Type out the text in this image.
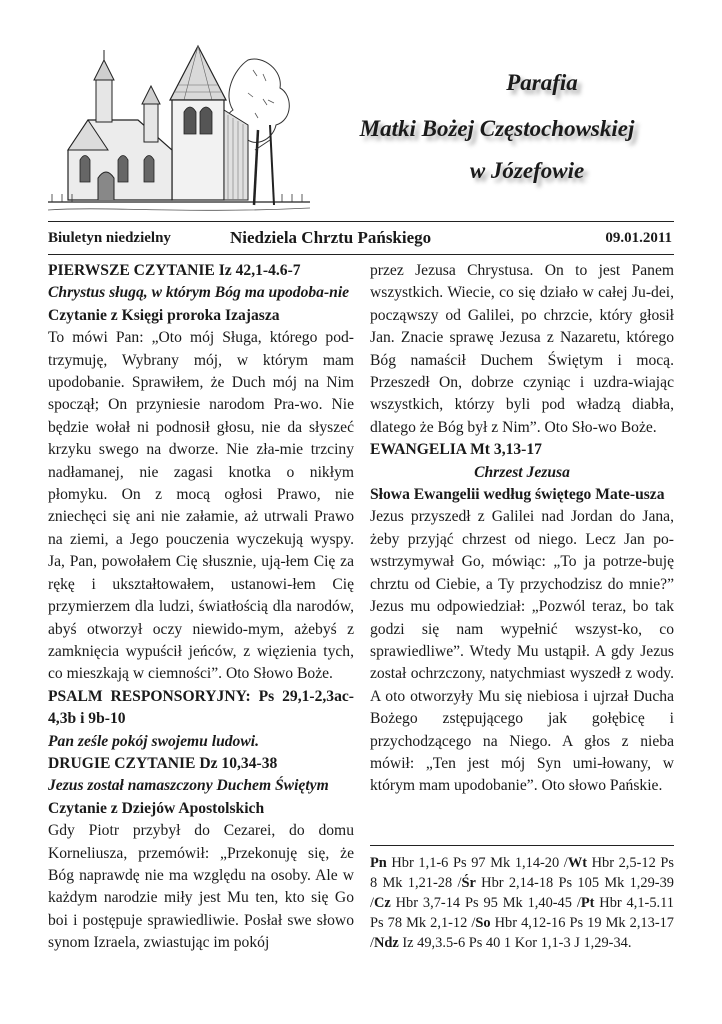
Parafia
Matki Bożej Częstochowskiej
w Józefowie
Biuletyn niedzielny	Niedziela Chrztu Pańskiego	09.01.2011

PIERWSZE CZYTANIE Iz 42,1-4.6-7

Chrystus sługą, w którym Bóg ma upodoba-nie

Czytanie z Księgi proroka Izajasza

To mówi Pan: „Oto mój Sługa, którego pod-trzymuję, Wybrany mój, w którym mam upodobanie. Sprawiłem, że Duch mój na Nim spoczął; On przyniesie narodom Pra-wo. Nie będzie wołał ni podnosił głosu, nie da słyszeć krzyku swego na dworze. Nie zła-mie trzciny nadłamanej, nie zagasi knotka o nikłym płomyku. On z mocą ogłosi Prawo, nie zniechęci się ani nie załamie, aż utrwali Prawo na ziemi, a Jego pouczenia wyczekują wyspy. Ja, Pan, powołałem Cię słusznie, ują-łem Cię za rękę i ukształtowałem, ustanowi-łem Cię przymierzem dla ludzi, światłością dla narodów, abyś otworzył oczy niewido-mym, ażebyś z zamknięcia wypuścił jeńców, z więzienia tych, co mieszkają w ciemności”. Oto Słowo Boże.

PSALM RESPONSORYJNY: Ps 29,1-2,3ac-4,3b i 9b-10

Pan ześle pokój swojemu ludowi.

DRUGIE CZYTANIE Dz 10,34-38

Jezus został namaszczony Duchem Świętym

Czytanie z Dziejów Apostolskich

Gdy Piotr przybył do Cezarei, do domu Korneliusza, przemówił: „Przekonuję się, że Bóg naprawdę nie ma względu na osoby. Ale w każdym narodzie miły jest Mu ten, kto się Go boi i postępuje sprawiedliwie. Posłał swe słowo synom Izraela, zwiastując im pokój

przez Jezusa Chrystusa. On to jest Panem wszystkich. Wiecie, co się działo w całej Ju-dei, począwszy od Galilei, po chrzcie, który głosił Jan. Znacie sprawę Jezusa z Nazaretu, którego Bóg namaścił Duchem Świętym i mocą. Przeszedł On, dobrze czyniąc i uzdra-wiając wszystkich, którzy byli pod władzą diabła, dlatego że Bóg był z Nim”. Oto Sło-wo Boże.

EWANGELIA Mt 3,13-17

Chrzest Jezusa

Słowa Ewangelii według świętego Mate-usza

Jezus przyszedł z Galilei nad Jordan do Jana, żeby przyjąć chrzest od niego. Lecz Jan po-wstrzymywał Go, mówiąc: „To ja potrze-buję chrztu od Ciebie, a Ty przychodzisz do mnie?” Jezus mu odpowiedział: „Pozwól teraz, bo tak godzi się nam wypełnić wszyst-ko, co sprawiedliwe”. Wtedy Mu ustąpił. A gdy Jezus został ochrzczony, natychmiast wyszedł z wody. A oto otworzyły Mu się niebiosa i ujrzał Ducha Bożego zstępującego jak gołębicę i przychodzącego na Niego. A głos z nieba mówił: „Ten jest mój Syn umi-łowany, w którym mam upodobanie”. Oto słowo Pańskie.

Pn Hbr 1,1-6 Ps 97 Mk 1,14-20 /Wt Hbr 2,5-12 Ps 8 Mk 1,21-28 /Śr Hbr 2,14-18 Ps 105 Mk 1,29-39 /Cz Hbr 3,7-14 Ps 95 Mk 1,40-45 /Pt Hbr 4,1-5.11 Ps 78 Mk 2,1-12 /So Hbr 4,12-16 Ps 19 Mk 2,13-17 /Ndz Iz 49,3.5-6 Ps 40 1 Kor 1,1-3 J 1,29-34.
